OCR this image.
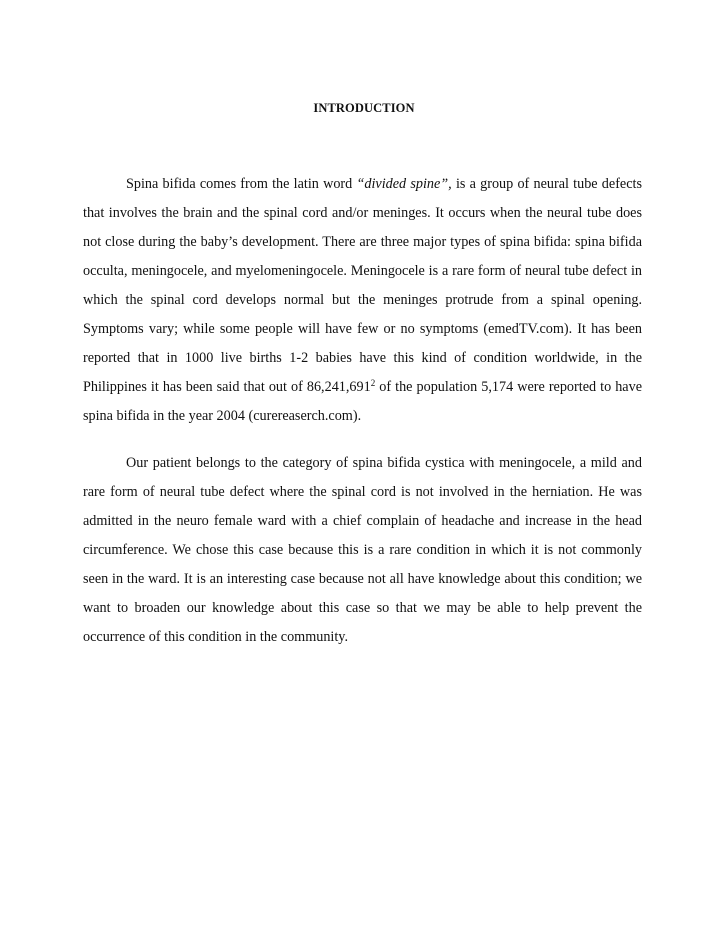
INTRODUCTION

Spina bifida comes from the latin word “divided spine”, is a group of neural tube defects that involves the brain and the spinal cord and/or meninges. It occurs when the neural tube does not close during the baby’s development. There are three major types of spina bifida: spina bifida occulta, meningocele, and myelomeningocele. Meningocele is a rare form of neural tube defect in which the spinal cord develops normal but the meninges protrude from a spinal opening. Symptoms vary; while some people will have few or no symptoms (emedTV.com). It has been reported that in 1000 live births 1-2 babies have this kind of condition worldwide, in the Philippines it has been said that out of 86,241,691$^2$ of the population 5,174 were reported to have spina bifida in the year 2004 (curereaserch.com).

Our patient belongs to the category of spina bifida cystica with meningocele, a mild and rare form of neural tube defect where the spinal cord is not involved in the herniation. He was admitted in the neuro female ward with a chief complain of headache and increase in the head circumference. We chose this case because this is a rare condition in which it is not commonly seen in the ward. It is an interesting case because not all have knowledge about this condition; we want to broaden our knowledge about this case so that we may be able to help prevent the occurrence of this condition in the community.
